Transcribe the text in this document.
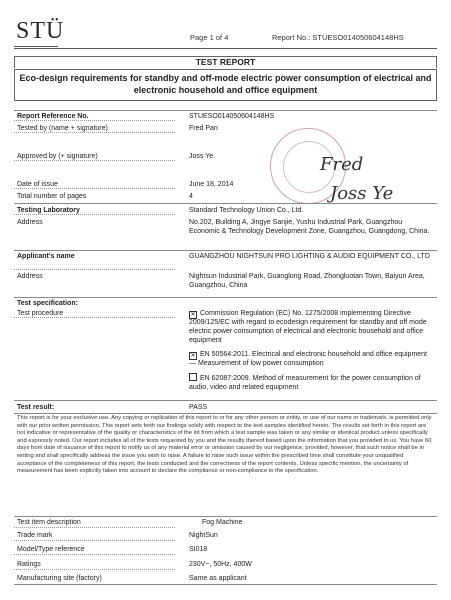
STÜ	Page 1 of 4	Report No.: STUESO014050604148HS
TEST REPORT
Eco-design requirements for standby and off-mode electric power consumption of electrical and electronic household and office equipment
Report Reference No.	STUESO014050604148HS
Tested by (name + signature)	Fred Pan
Approved by (+ signature)	Joss Ye
Date of issue	June 18, 2014
Total number of pages	4
Fred
Joss Ye
Testing Laboratory	Standard Technology Union Co., Ltd.
Address	No.202, Building A, Jingye Sanjie, Yushu Industrial Park, Guangzhou Economic & Technology Development Zone, Guangzhou, Guangdong, China.
Applicant's name	GUANGZHOU NIGHTSUN PRO LIGHTING & AUDIO EQUIPMENT CO., LTD
Address	Nightsun Industrial Park, Guanglong Road, Zhongluotan Town, Baiyun Area, Guangzhou, China
Test specification:
Test procedure	✕ Commission Regulation (EC) No. 1275/2008 implementing Directive 2009/125/EC with regard to ecodesign requirement for standby and off mode electric power consumption of electrical and electronic household and office equipment
✕ EN 50564:2011. Electrical and electronic household and office equipment — Measurement of low power consumption
EN 62087:2009. Method of measurement for the power consumption of audio, video and related equipment
Test result:	PASS
This report is for your exclusive use. Any copying or replication of this report to or for any other person or entity, or use of our name or trademark, is permitted only with our prior written permission. This report sets forth our findings solely with respect to the test samples identified herein. The results set forth in this report are not indicative or representative of the quality or characteristics of the lot from which a test sample was taken or any similar or identical product unless specifically and expressly noted. Our report includes all of the tests requested by you and the results thereof based upon the information that you provided to us. You have 60 days from date of issuance of this report to notify us of any material error or omission caused by our negligence, provided, however, that such notice shall be in writing and shall specifically address the issue you wish to raise. A failure to raise such issue within the prescribed time shall constitute your unqualified acceptance of the completeness of this report, the tests conducted and the correctness of the report contents. Unless specific mention, the uncertainty of measurement has been explicitly taken into account to declare the compliance or non-compliance to the specification.
Test item description	Fog Machine
Trade mark	NightSun
Model/Type reference	SI018
Ratings	230V~, 50Hz, 400W
Manufacturing site (factory)	Same as applicant
